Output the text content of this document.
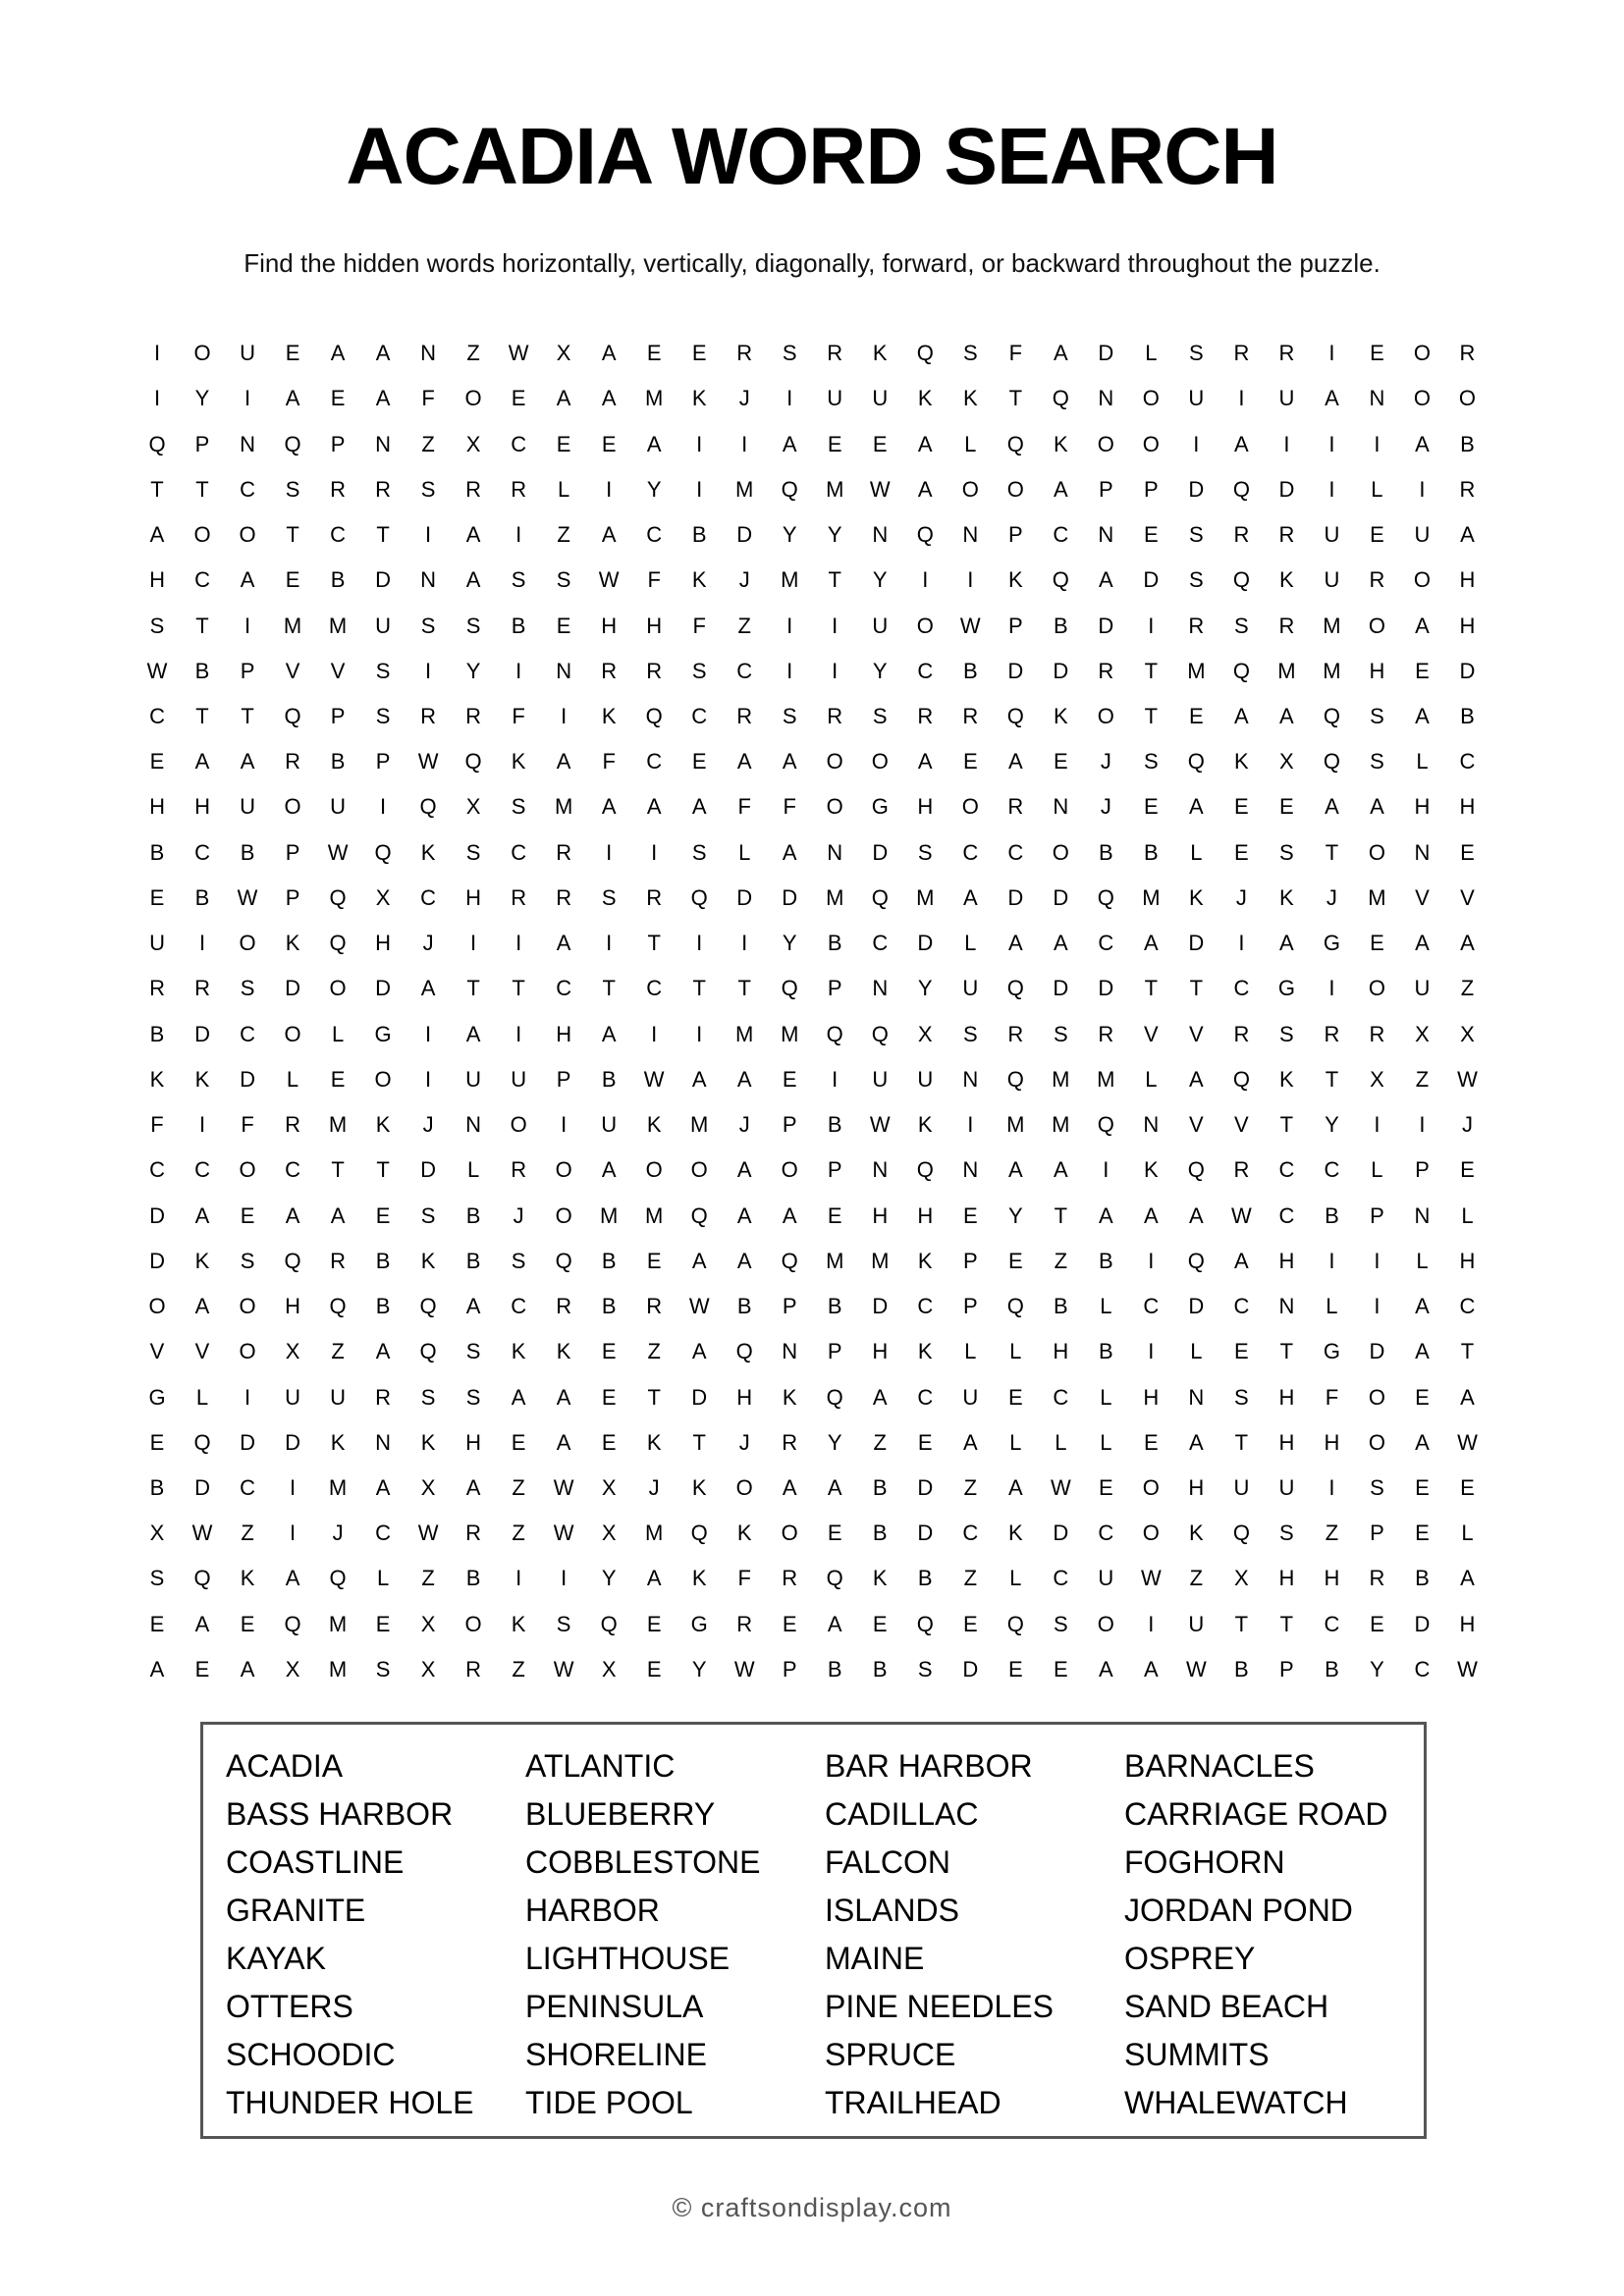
ACADIA WORD SEARCH
Find the hidden words horizontally, vertically, diagonally, forward, or backward throughout the puzzle.
I	O	U	E	A	A	N	Z	W	X	A	E	E	R	S	R	K	Q	S	F	A	D	L	S	R	R	I	E	O	R
I	Y	I	A	E	A	F	O	E	A	A	M	K	J	I	U	U	K	K	T	Q	N	O	U	I	U	A	N	O	O
Q	P	N	Q	P	N	Z	X	C	E	E	A	I	I	A	E	E	A	L	Q	K	O	O	I	A	I	I	I	A	B
T	T	C	S	R	R	S	R	R	L	I	Y	I	M	Q	M	W	A	O	O	A	P	P	D	Q	D	I	L	I	R
A	O	O	T	C	T	I	A	I	Z	A	C	B	D	Y	Y	N	Q	N	P	C	N	E	S	R	R	U	E	U	A
H	C	A	E	B	D	N	A	S	S	W	F	K	J	M	T	Y	I	I	K	Q	A	D	S	Q	K	U	R	O	H
S	T	I	M	M	U	S	S	B	E	H	H	F	Z	I	I	U	O	W	P	B	D	I	R	S	R	M	O	A	H
W	B	P	V	V	S	I	Y	I	N	R	R	S	C	I	I	Y	C	B	D	D	R	T	M	Q	M	M	H	E	D
C	T	T	Q	P	S	R	R	F	I	K	Q	C	R	S	R	S	R	R	Q	K	O	T	E	A	A	Q	S	A	B
E	A	A	R	B	P	W	Q	K	A	F	C	E	A	A	O	O	A	E	A	E	J	S	Q	K	X	Q	S	L	C
H	H	U	O	U	I	Q	X	S	M	A	A	A	F	F	O	G	H	O	R	N	J	E	A	E	E	A	A	H	H
B	C	B	P	W	Q	K	S	C	R	I	I	S	L	A	N	D	S	C	C	O	B	B	L	E	S	T	O	N	E
E	B	W	P	Q	X	C	H	R	R	S	R	Q	D	D	M	Q	M	A	D	D	Q	M	K	J	K	J	M	V	V
U	I	O	K	Q	H	J	I	I	A	I	T	I	I	Y	B	C	D	L	A	A	C	A	D	I	A	G	E	A	A
R	R	S	D	O	D	A	T	T	C	T	C	T	T	Q	P	N	Y	U	Q	D	D	T	T	C	G	I	O	U	Z
B	D	C	O	L	G	I	A	I	H	A	I	I	M	M	Q	Q	X	S	R	S	R	V	V	R	S	R	R	X	X
K	K	D	L	E	O	I	U	U	P	B	W	A	A	E	I	U	U	N	Q	M	M	L	A	Q	K	T	X	Z	W
F	I	F	R	M	K	J	N	O	I	U	K	M	J	P	B	W	K	I	M	M	Q	N	V	V	T	Y	I	I	J
C	C	O	C	T	T	D	L	R	O	A	O	O	A	O	P	N	Q	N	A	A	I	K	Q	R	C	C	L	P	E
D	A	E	A	A	E	S	B	J	O	M	M	Q	A	A	E	H	H	E	Y	T	A	A	A	W	C	B	P	N	L
D	K	S	Q	R	B	K	B	S	Q	B	E	A	A	Q	M	M	K	P	E	Z	B	I	Q	A	H	I	I	L	H
O	A	O	H	Q	B	Q	A	C	R	B	R	W	B	P	B	D	C	P	Q	B	L	C	D	C	N	L	I	A	C
V	V	O	X	Z	A	Q	S	K	K	E	Z	A	Q	N	P	H	K	L	L	H	B	I	L	E	T	G	D	A	T
G	L	I	U	U	R	S	S	A	A	E	T	D	H	K	Q	A	C	U	E	C	L	H	N	S	H	F	O	E	A
E	Q	D	D	K	N	K	H	E	A	E	K	T	J	R	Y	Z	E	A	L	L	L	E	A	T	H	H	O	A	W
B	D	C	I	M	A	X	A	Z	W	X	J	K	O	A	A	B	D	Z	A	W	E	O	H	U	U	I	S	E	E
X	W	Z	I	J	C	W	R	Z	W	X	M	Q	K	O	E	B	D	C	K	D	C	O	K	Q	S	Z	P	E	L
S	Q	K	A	Q	L	Z	B	I	I	Y	A	K	F	R	Q	K	B	Z	L	C	U	W	Z	X	H	H	R	B	A
E	A	E	Q	M	E	X	O	K	S	Q	E	G	R	E	A	E	Q	E	Q	S	O	I	U	T	T	C	E	D	H
A	E	A	X	M	S	X	R	Z	W	X	E	Y	W	P	B	B	S	D	E	E	A	A	W	B	P	B	Y	C	W
ACADIA	ATLANTIC	BAR HARBOR	BARNACLES
BASS HARBOR	BLUEBERRY	CADILLAC	CARRIAGE ROAD
COASTLINE	COBBLESTONE	FALCON	FOGHORN
GRANITE	HARBOR	ISLANDS	JORDAN POND
KAYAK	LIGHTHOUSE	MAINE	OSPREY
OTTERS	PENINSULA	PINE NEEDLES	SAND BEACH
SCHOODIC	SHORELINE	SPRUCE	SUMMITS
THUNDER HOLE	TIDE POOL	TRAILHEAD	WHALEWATCH
© craftsondisplay.com
